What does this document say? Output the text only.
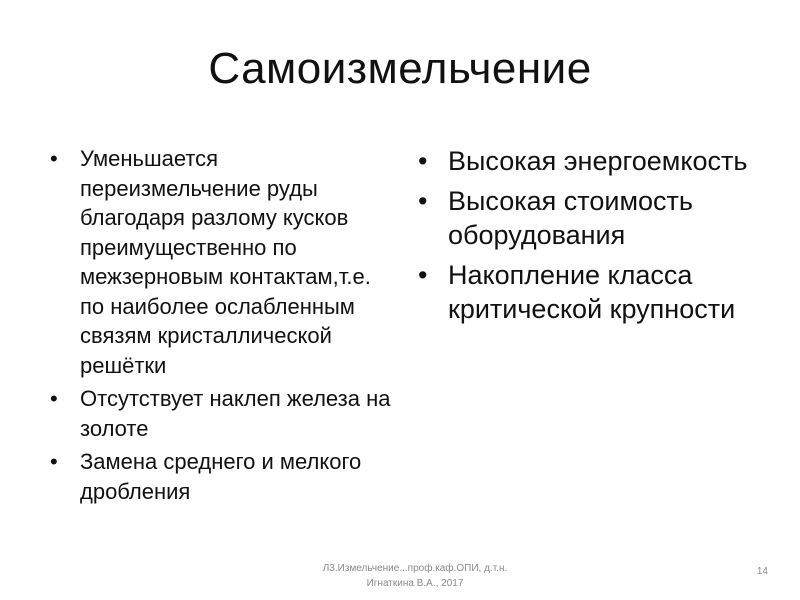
Самоизмельчение
• Уменьшается переизмельчение руды благодаря разлому кусков преимущественно по межзерновым контактам,т.е. по наиболее ослабленным связям кристаллической решётки
• Отсутствует наклеп железа на золоте
• Замена среднего и мелкого дробления
• Высокая энергоемкость
• Высокая стоимость оборудования
• Накопление класса критической крупности
Л3.Измельчение...проф.каф.ОПИ, д.т.н. Игнаткина В.А., 2017
14
